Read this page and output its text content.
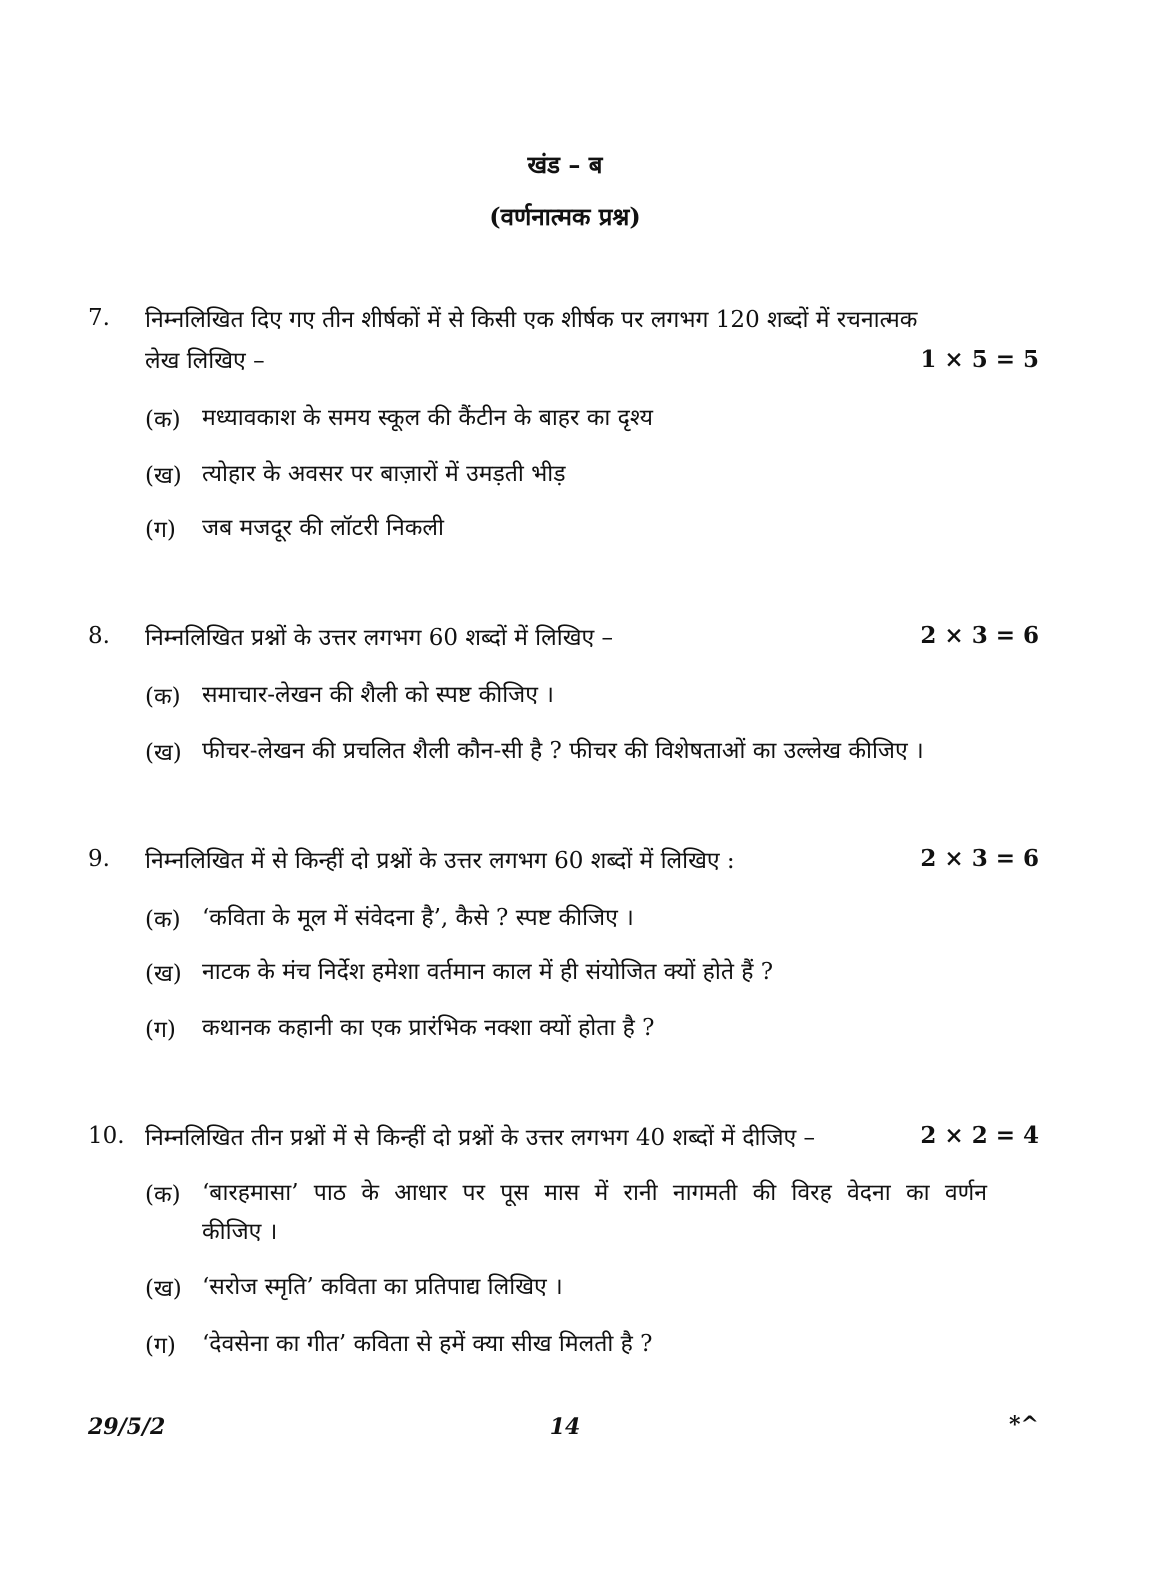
खंड – ब
(वर्णनात्मक प्रश्न)
7. निम्नलिखित दिए गए तीन शीर्षकों में से किसी एक शीर्षक पर लगभग 120 शब्दों में रचनात्मक
लेख लिखिए –	1 × 5 = 5
(क) मध्यावकाश के समय स्कूल की कैंटीन के बाहर का दृश्य
(ख) त्योहार के अवसर पर बाज़ारों में उमड़ती भीड़
(ग) जब मजदूर की लॉटरी निकली
8. निम्नलिखित प्रश्नों के उत्तर लगभग 60 शब्दों में लिखिए –	2 × 3 = 6
(क) समाचार-लेखन की शैली को स्पष्ट कीजिए ।
(ख) फीचर-लेखन की प्रचलित शैली कौन-सी है ? फीचर की विशेषताओं का उल्लेख कीजिए ।
9. निम्नलिखित में से किन्हीं दो प्रश्नों के उत्तर लगभग 60 शब्दों में लिखिए :	2 × 3 = 6
(क) ‘कविता के मूल में संवेदना है’, कैसे ? स्पष्ट कीजिए ।
(ख) नाटक के मंच निर्देश हमेशा वर्तमान काल में ही संयोजित क्यों होते हैं ?
(ग) कथानक कहानी का एक प्रारंभिक नक्शा क्यों होता है ?
10. निम्नलिखित तीन प्रश्नों में से किन्हीं दो प्रश्नों के उत्तर लगभग 40 शब्दों में दीजिए –	2 × 2 = 4
(क) ‘बारहमासा’ पाठ के आधार पर पूस मास में रानी नागमती की विरह वेदना का वर्णन
कीजिए ।
(ख) ‘सरोज स्मृति’ कविता का प्रतिपाद्य लिखिए ।
(ग) ‘देवसेना का गीत’ कविता से हमें क्या सीख मिलती है ?
29/5/2	14	*^
